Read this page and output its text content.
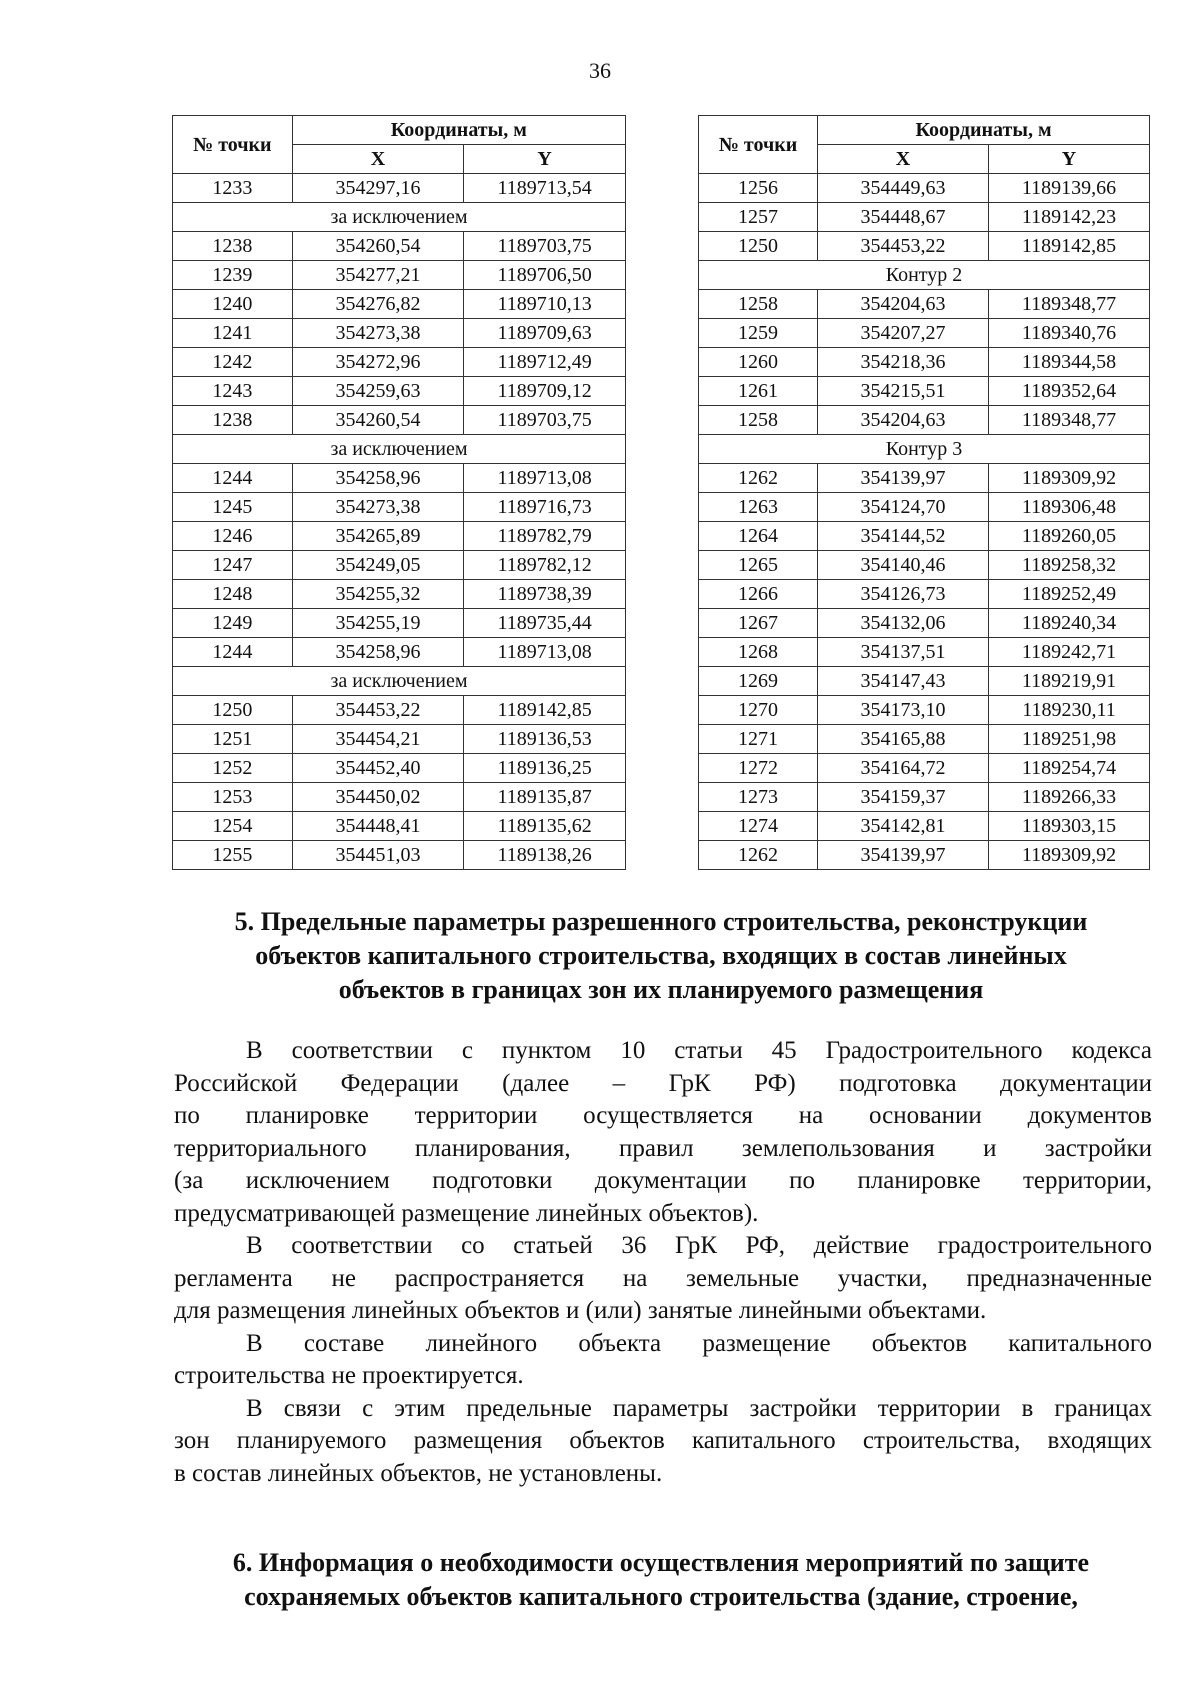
36
№ точки	Координаты, м	
	X	Y
1233	354297,16	1189713,54
за исключением		
1238	354260,54	1189703,75
1239	354277,21	1189706,50
1240	354276,82	1189710,13
1241	354273,38	1189709,63
1242	354272,96	1189712,49
1243	354259,63	1189709,12
1238	354260,54	1189703,75
за исключением		
1244	354258,96	1189713,08
1245	354273,38	1189716,73
1246	354265,89	1189782,79
1247	354249,05	1189782,12
1248	354255,32	1189738,39
1249	354255,19	1189735,44
1244	354258,96	1189713,08
за исключением		
1250	354453,22	1189142,85
1251	354454,21	1189136,53
1252	354452,40	1189136,25
1253	354450,02	1189135,87
1254	354448,41	1189135,62
1255	354451,03	1189138,26
№ точки	Координаты, м	
	X	Y
1256	354449,63	1189139,66
1257	354448,67	1189142,23
1250	354453,22	1189142,85
Контур 2		
1258	354204,63	1189348,77
1259	354207,27	1189340,76
1260	354218,36	1189344,58
1261	354215,51	1189352,64
1258	354204,63	1189348,77
Контур 3		
1262	354139,97	1189309,92
1263	354124,70	1189306,48
1264	354144,52	1189260,05
1265	354140,46	1189258,32
1266	354126,73	1189252,49
1267	354132,06	1189240,34
1268	354137,51	1189242,71
1269	354147,43	1189219,91
1270	354173,10	1189230,11
1271	354165,88	1189251,98
1272	354164,72	1189254,74
1273	354159,37	1189266,33
1274	354142,81	1189303,15
1262	354139,97	1189309,92
5. Предельные параметры разрешенного строительства, реконструкции
объектов капитального строительства, входящих в состав линейных
объектов в границах зон их планируемого размещения
В соответствии с пунктом 10 статьи 45 Градостроительного кодекса
Российской Федерации (далее – ГрК РФ) подготовка документации
по планировке территории осуществляется на основании документов
территориального планирования, правил землепользования и застройки
(за исключением подготовки документации по планировке территории,
предусматривающей размещение линейных объектов).
В соответствии со статьей 36 ГрК РФ, действие градостроительного
регламента не распространяется на земельные участки, предназначенные
для размещения линейных объектов и (или) занятые линейными объектами.
В составе линейного объекта размещение объектов капитального
строительства не проектируется.
В связи с этим предельные параметры застройки территории в границах
зон планируемого размещения объектов капитального строительства, входящих
в состав линейных объектов, не установлены.
6. Информация о необходимости осуществления мероприятий по защите
сохраняемых объектов капитального строительства (здание, строение,
